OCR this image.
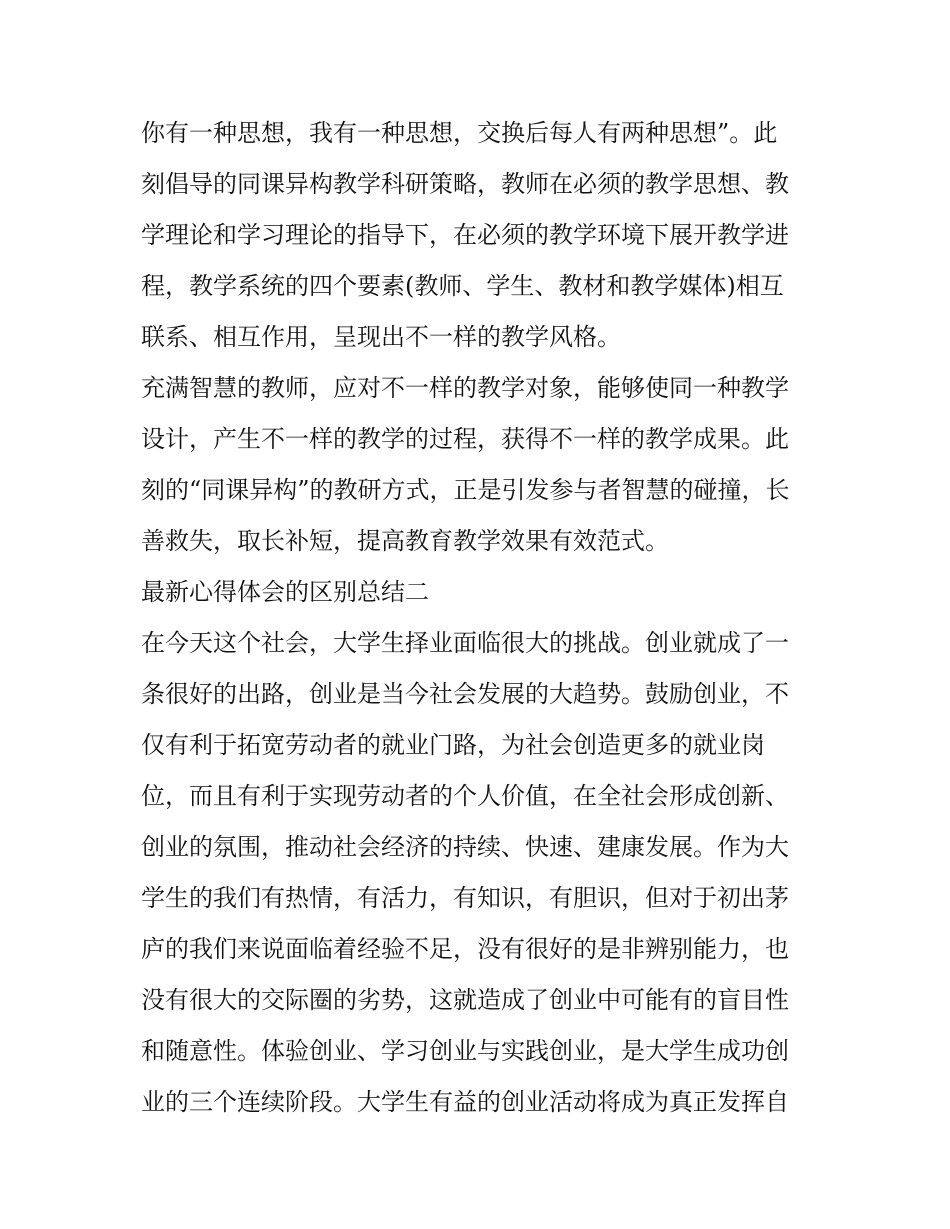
你有一种思想，我有一种思想，交换后每人有两种思想”。此
刻倡导的同课异构教学科研策略，教师在必须的教学思想、教
学理论和学习理论的指导下，在必须的教学环境下展开教学进
程，教学系统的四个要素(教师、学生、教材和教学媒体)相互
联系、相互作用，呈现出不一样的教学风格。
充满智慧的教师，应对不一样的教学对象，能够使同一种教学
设计，产生不一样的教学的过程，获得不一样的教学成果。此
刻的“同课异构”的教研方式，正是引发参与者智慧的碰撞，长
善救失，取长补短，提高教育教学效果有效范式。
最新心得体会的区别总结二
在今天这个社会，大学生择业面临很大的挑战。创业就成了一
条很好的出路，创业是当今社会发展的大趋势。鼓励创业，不
仅有利于拓宽劳动者的就业门路，为社会创造更多的就业岗
位，而且有利于实现劳动者的个人价值，在全社会形成创新、
创业的氛围，推动社会经济的持续、快速、建康发展。作为大
学生的我们有热情，有活力，有知识，有胆识，但对于初出茅
庐的我们来说面临着经验不足，没有很好的是非辨别能力，也
没有很大的交际圈的劣势，这就造成了创业中可能有的盲目性
和随意性。体验创业、学习创业与实践创业，是大学生成功创
业的三个连续阶段。大学生有益的创业活动将成为真正发挥自
